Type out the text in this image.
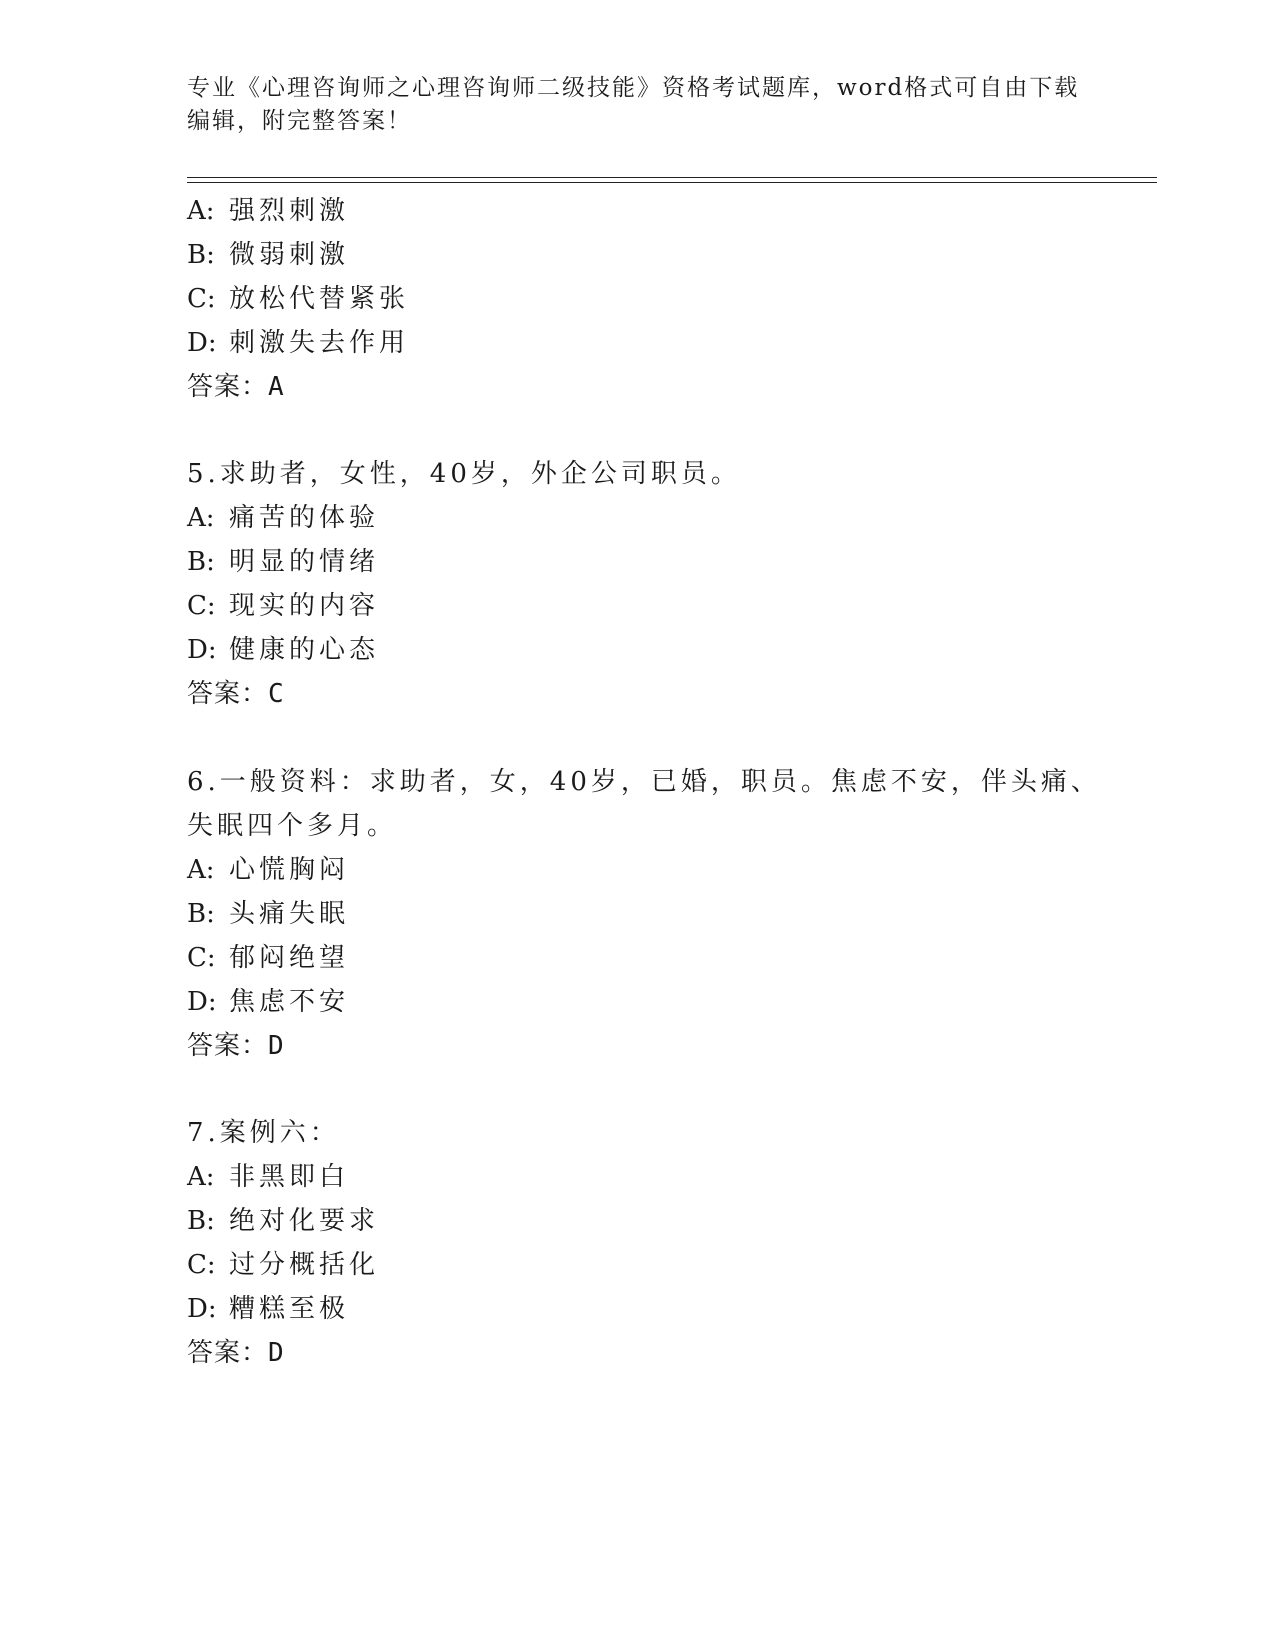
专业《心理咨询师之心理咨询师二级技能》资格考试题库，word格式可自由下载
编辑，附完整答案！
A: 强烈刺激
B: 微弱刺激
C: 放松代替紧张
D: 刺激失去作用
答案：A
5.求助者，女性，40岁，外企公司职员。
A: 痛苦的体验
B: 明显的情绪
C: 现实的内容
D: 健康的心态
答案：C
6.一般资料：求助者，女，40岁，已婚，职员。焦虑不安，伴头痛、
失眠四个多月。
A: 心慌胸闷
B: 头痛失眠
C: 郁闷绝望
D: 焦虑不安
答案：D
7.案例六：
A: 非黑即白
B: 绝对化要求
C: 过分概括化
D: 糟糕至极
答案：D
